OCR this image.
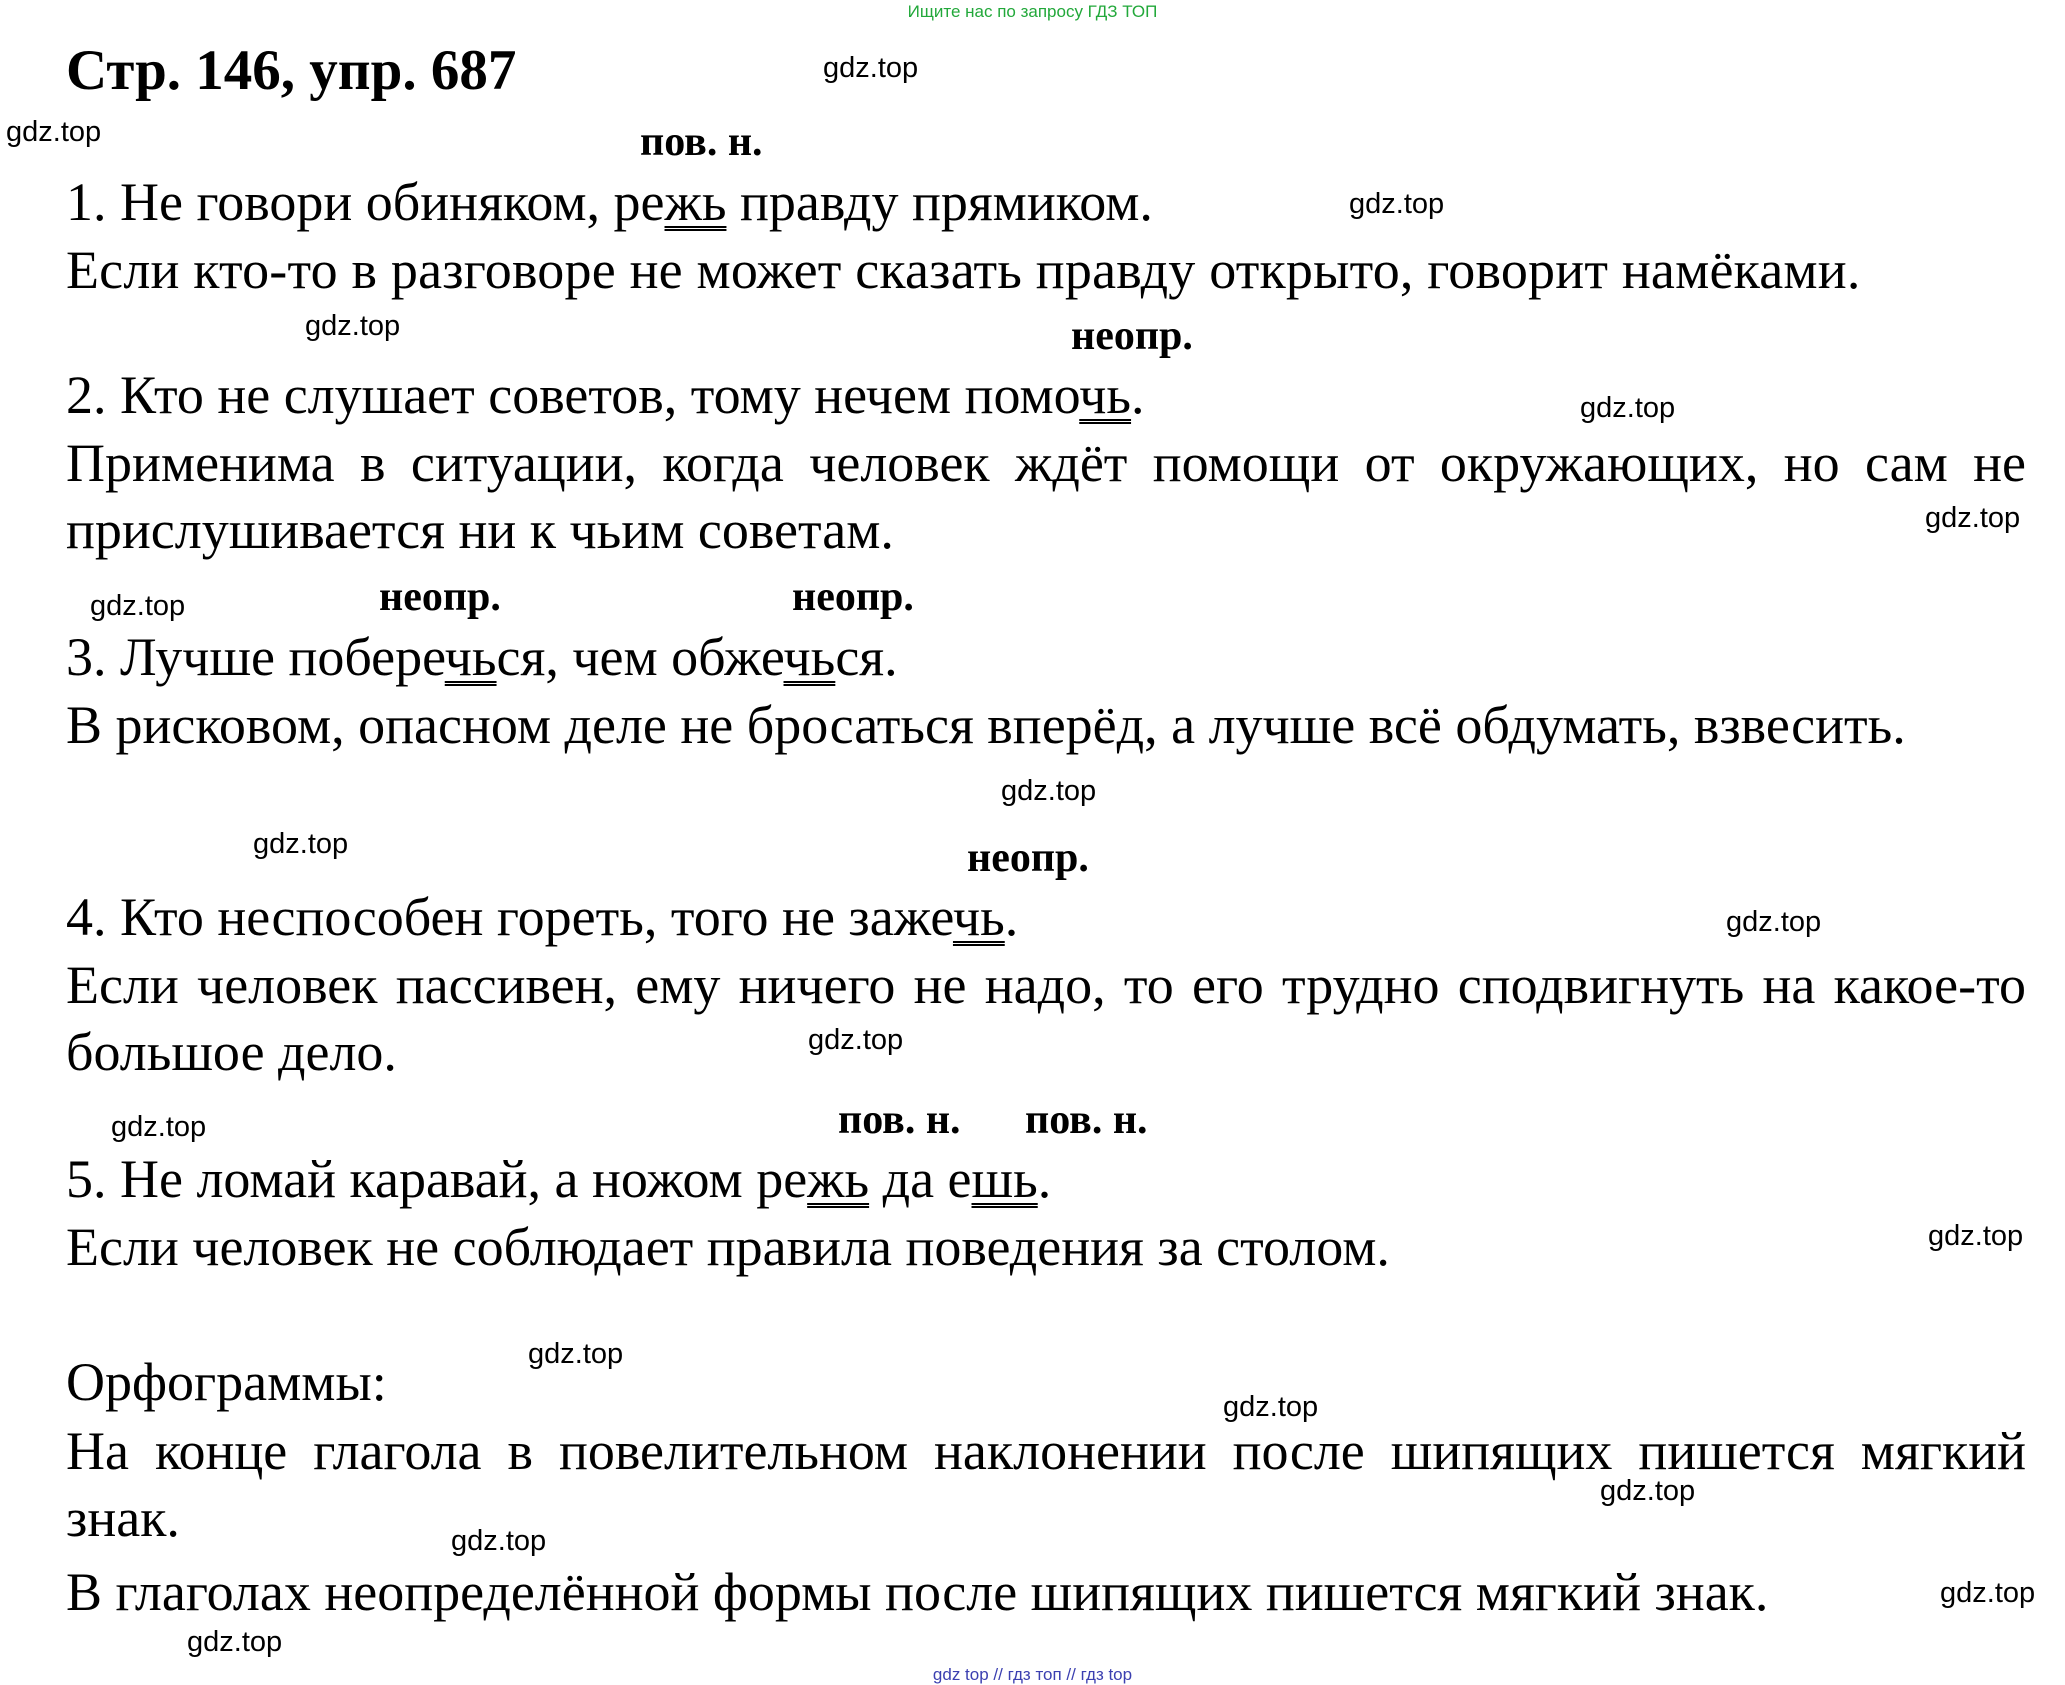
Ищите нас по запросу ГДЗ ТОП
Стр. 146, упр. 687
пов. н.
1. Не говори обиняком, режь правду прямиком.
Если кто-то в разговоре не может сказать правду открыто, говорит намёками.
неопр.
2. Кто не слушает советов, тому нечем помочь.
Применима в ситуации, когда человек ждёт помощи от окружающих, но сам не прислушивается ни к чьим советам.
неопр.	неопр.
3. Лучше поберечься, чем обжечься.
В рисковом, опасном деле не бросаться вперёд, а лучше всё обдумать, взвесить.
неопр.
4. Кто неспособен гореть, того не зажечь.
Если человек пассивен, ему ничего не надо, то его трудно сподвигнуть на какое-то большое дело.
пов. н. пов. н.
5. Не ломай каравай, а ножом режь да ешь.
Если человек не соблюдает правила поведения за столом.
Орфограммы:
На конце глагола в повелительном наклонении после шипящих пишется мягкий знак.
В глаголах неопределённой формы после шипящих пишется мягкий знак.
gdz.top
gdz.top
gdz.top
gdz.top
gdz.top
gdz.top
gdz.top
gdz.top
gdz.top
gdz.top
gdz.top
gdz.top
gdz.top
gdz.top
gdz.top
gdz.top
gdz.top
gdz.top
gdz.top
gdz top // гдз топ // гдз top
